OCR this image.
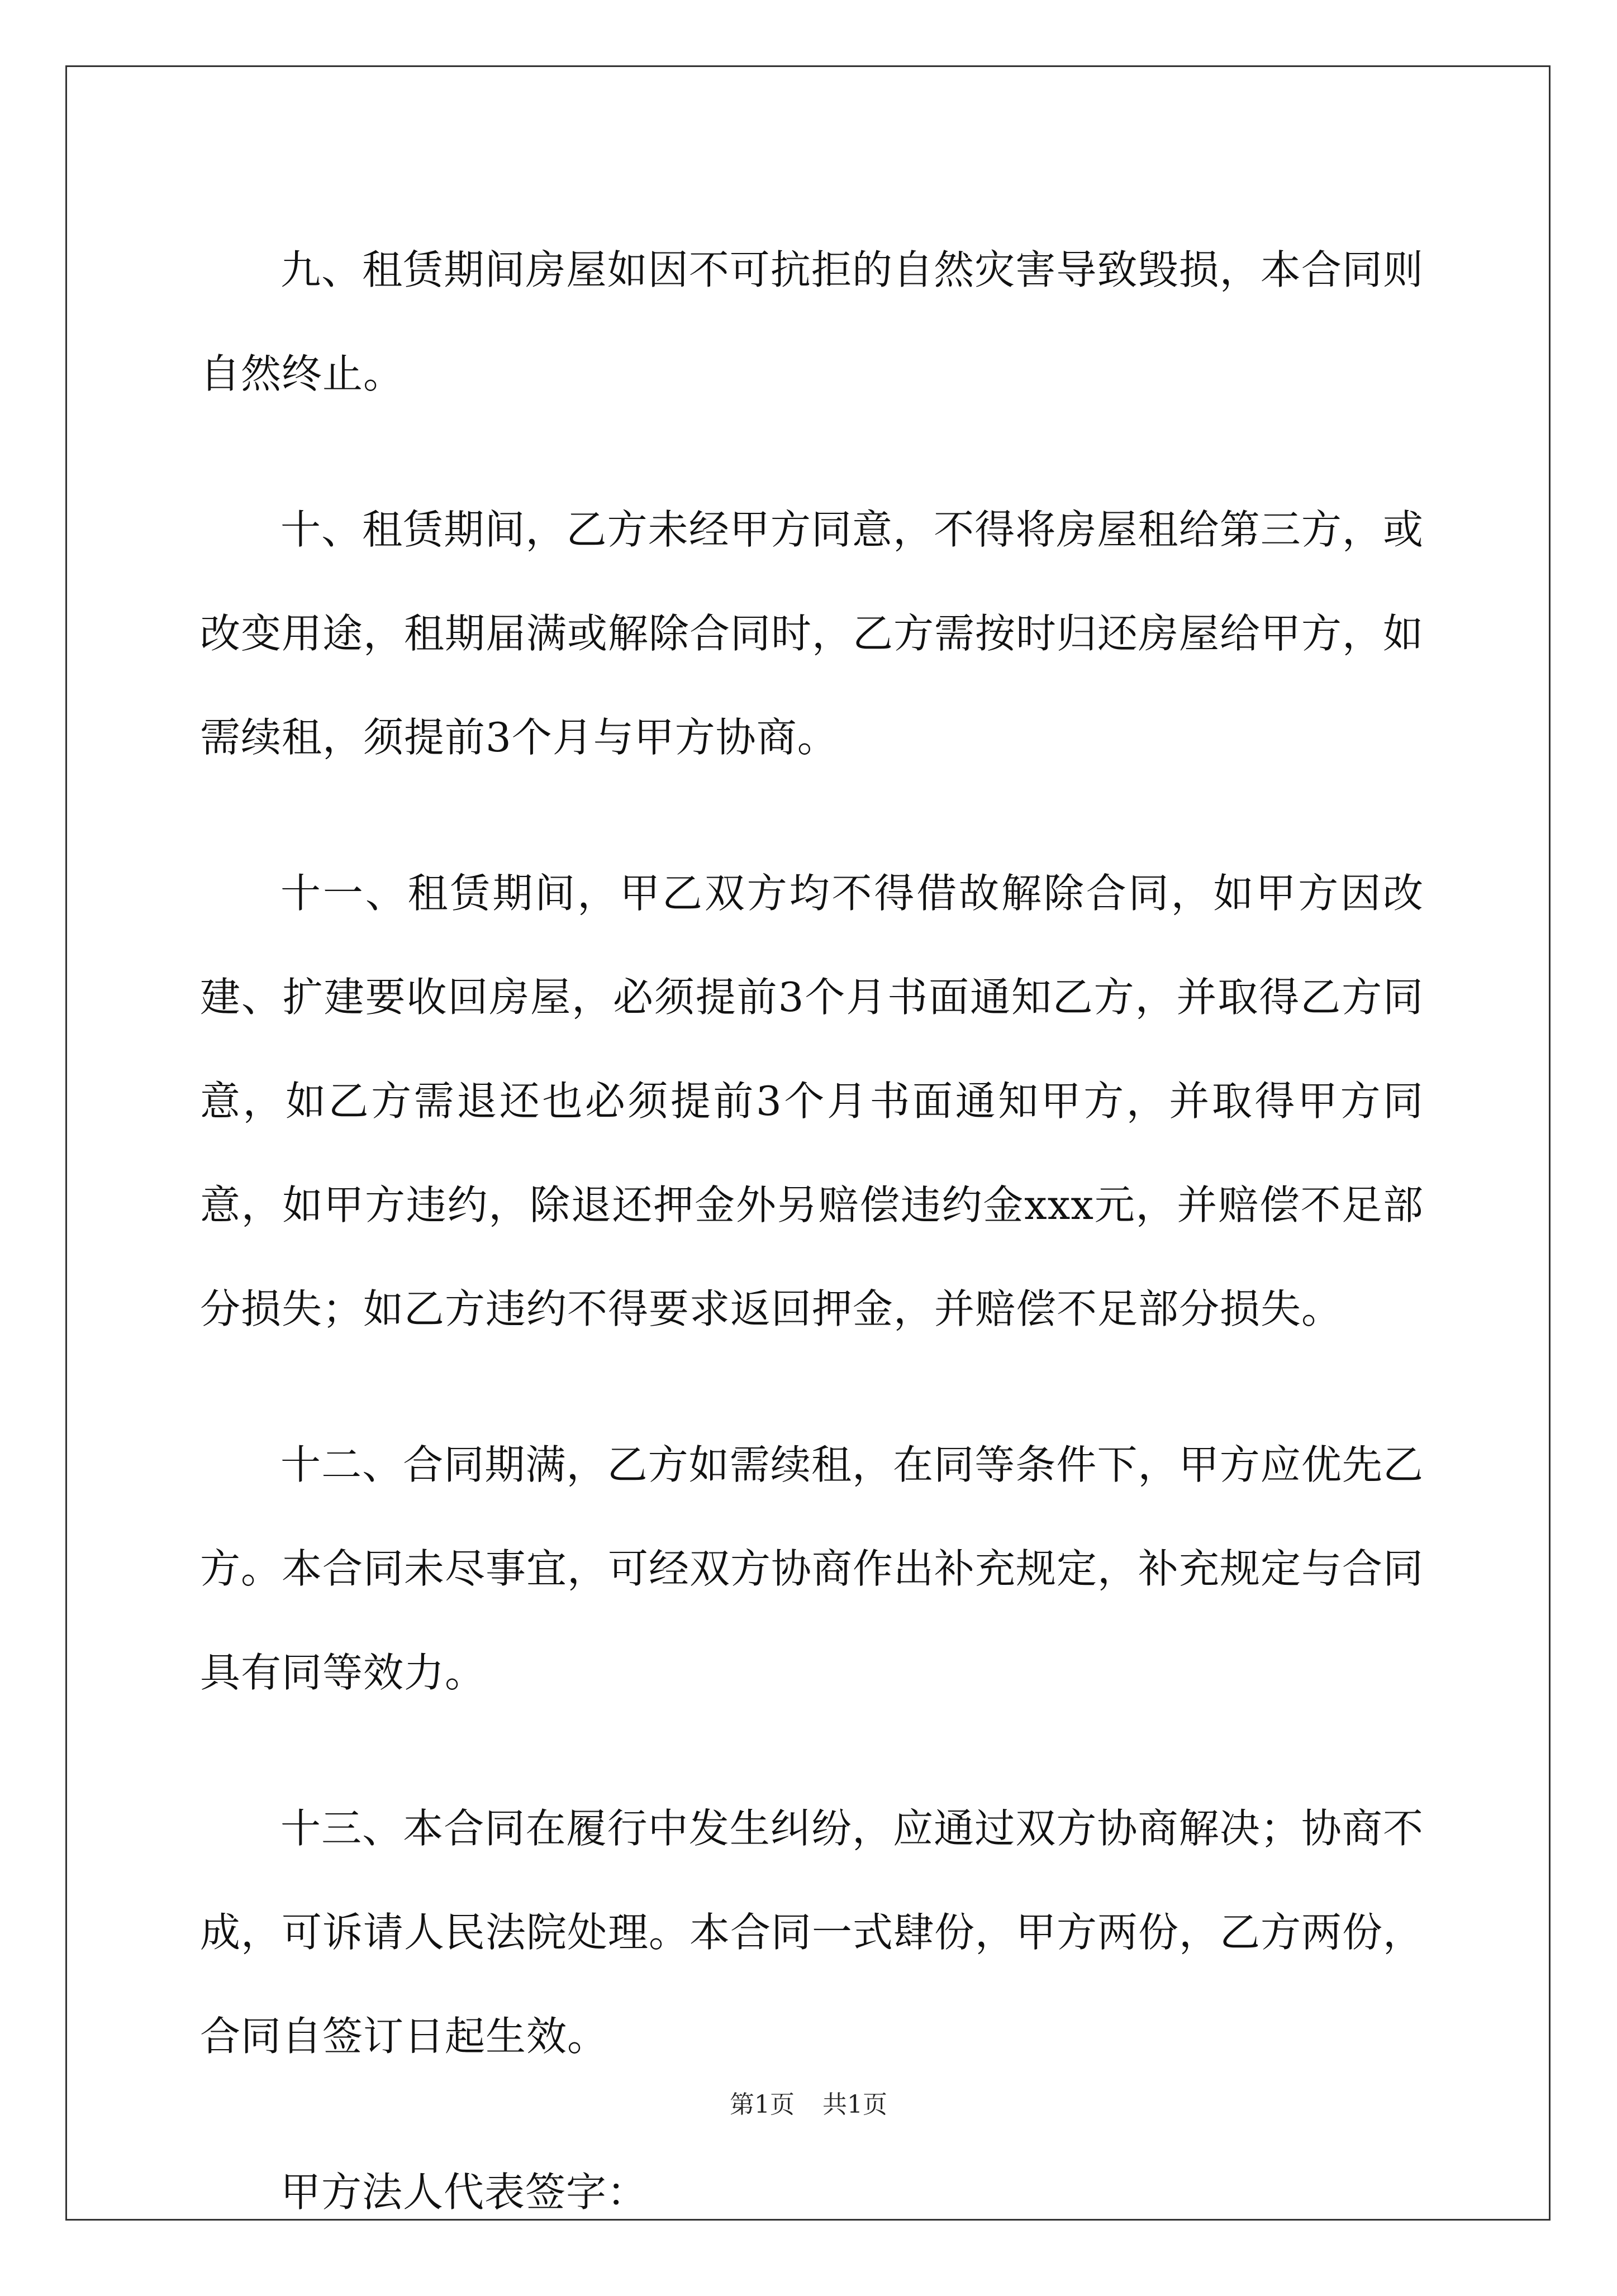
九、租赁期间房屋如因不可抗拒的自然灾害导致毁损，本合同则自然终止。

十、租赁期间，乙方未经甲方同意，不得将房屋租给第三方，或改变用途，租期届满或解除合同时，乙方需按时归还房屋给甲方，如需续租，须提前3个月与甲方协商。

十一、租赁期间，甲乙双方均不得借故解除合同，如甲方因改建、扩建要收回房屋，必须提前3个月书面通知乙方，并取得乙方同意，如乙方需退还也必须提前3个月书面通知甲方，并取得甲方同意，如甲方违约，除退还押金外另赔偿违约金xxx元，并赔偿不足部分损失；如乙方违约不得要求返回押金，并赔偿不足部分损失。

十二、合同期满，乙方如需续租，在同等条件下，甲方应优先乙方。本合同未尽事宜，可经双方协商作出补充规定，补充规定与合同具有同等效力。

十三、本合同在履行中发生纠纷，应通过双方协商解决；协商不成，可诉请人民法院处理。本合同一式肆份，甲方两份，乙方两份，合同自签订日起生效。

甲方法人代表签字：

第1页 共1页
